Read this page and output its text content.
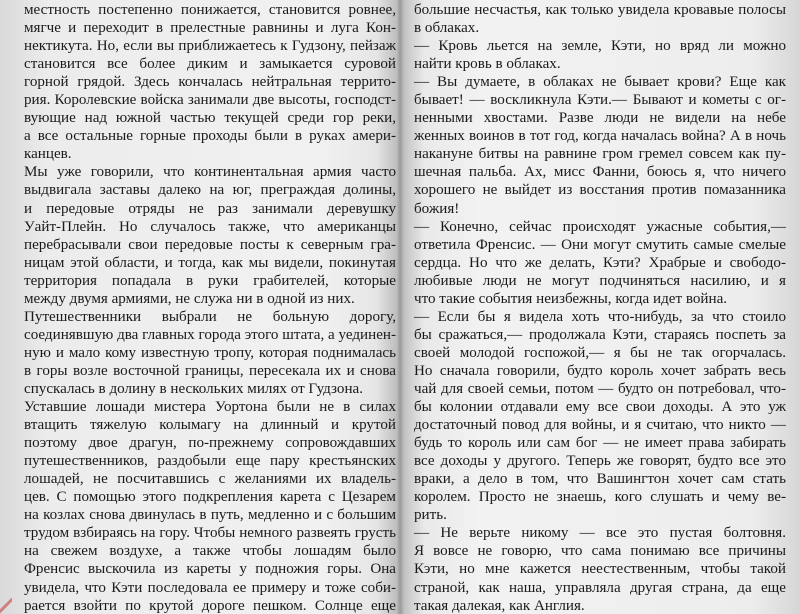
местность постепенно понижается, становится ровнее,
мягче и переходит в прелестные равнины и луга Кон-
нектикута. Но, если вы приближаетесь к Гудзону, пейзаж
становится все более диким и замыкается суровой
горной грядой. Здесь кончалась нейтральная террито-
рия. Королевские войска занимали две высоты, господст-
вующие над южной частью текущей среди гор реки,
а все остальные горные проходы были в руках амери-
канцев.
Мы уже говорили, что континентальная армия часто
выдвигала заставы далеко на юг, преграждая долины,
и передовые отряды не раз занимали деревушку
Уайт-Плейн. Но случалось также, что американцы
перебрасывали свои передовые посты к северным гра-
ницам этой области, и тогда, как мы видели, покинутая
территория попадала в руки грабителей, которые
между двумя армиями, не служа ни в одной из них.
Путешественники выбрали не больную дорогу,
соединявшую два главных города этого штата, а уединен-
ную и мало кому известную тропу, которая поднималась
в горы возле восточной границы, пересекала их и снова
спускалась в долину в нескольких милях от Гудзона.
Уставшие лошади мистера Уортона были не в силах
втащить тяжелую колымагу на длинный и крутой
поэтому двое драгун, по-прежнему сопровождавших
путешественников, раздобыли еще пару крестьянских
лошадей, не посчитавшись с желаниями их владель-
цев. С помощью этого подкрепления карета с Цезарем
на козлах снова двинулась в путь, медленно и с большим
трудом взбираясь на гору. Чтобы немного развеять грусть
на свежем воздухе, а также чтобы лошадям было
Френсис выскочила из кареты у подножия горы. Она
увидела, что Кэти последовала ее примеру и тоже соби-
рается взойти по крутой дороге пешком. Солнце еще
большие несчастья, как только увидела кровавые полосы
в облаках.
— Кровь льется на земле, Кэти, но вряд ли можно
найти кровь в облаках.
— Вы думаете, в облаках не бывает крови? Еще как
бывает! — воскликнула Кэти.— Бывают и кометы с ог-
ненными хвостами. Разве люди не видели на небе
женных воинов в тот год, когда началась война? А в ночь
накануне битвы на равнине гром гремел совсем как пу-
шечная пальба. Ах, мисс Фанни, боюсь я, что ничего
хорошего не выйдет из восстания против помазанника
божия!
— Конечно, сейчас происходят ужасные события,—
ответила Френсис. — Они могут смутить самые смелые
сердца. Но что же делать, Кэти? Храбрые и свободо-
любивые люди не могут подчиняться насилию, и я
что такие события неизбежны, когда идет война.
— Если бы я видела хоть что-нибудь, за что стоило
бы сражаться,— продолжала Кэти, стараясь поспеть за
своей молодой госпожой,— я бы не так огорчалась.
Но сначала говорили, будто король хочет забрать весь
чай для своей семьи, потом — будто он потребовал, что-
бы колонии отдавали ему все свои доходы. А это уж
достаточный повод для войны, и я считаю, что никто —
будь то король или сам бог — не имеет права забирать
все доходы у другого. Теперь же говорят, будто все это
враки, а дело в том, что Вашингтон хочет сам стать
королем. Просто не знаешь, кого слушать и чему ве-
рить.
— Не верьте никому — все это пустая болтовня.
Я вовсе не говорю, что сама понимаю все причины
Кэти, но мне кажется неестественным, чтобы такой
страной, как наша, управляла другая страна, да еще
такая далекая, как Англия.
